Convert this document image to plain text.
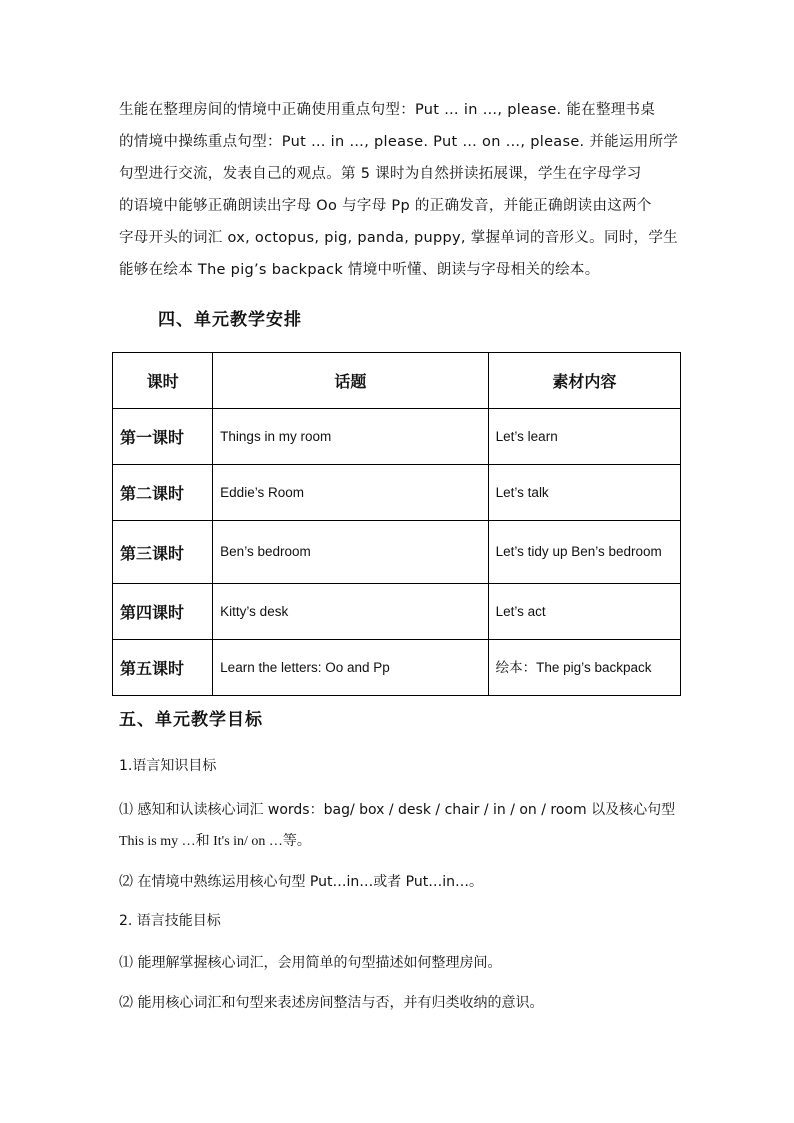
生能在整理房间的情境中正确使用重点句型：Put … in …, please. 能在整理书桌

的情境中操练重点句型：Put … in …, please. Put … on …, please. 并能运用所学

句型进行交流，发表自己的观点。第 5 课时为自然拼读拓展课，学生在字母学习

的语境中能够正确朗读出字母 Oo 与字母 Pp 的正确发音，并能正确朗读由这两个

字母开头的词汇 ox, octopus, pig, panda, puppy, 掌握单词的音形义。同时，学生

能够在绘本 The pig’s backpack 情境中听懂、朗读与字母相关的绘本。

四、单元教学安排
课时	话题	素材内容
第一课时	Things in my room	Let’s learn
第二课时	Eddie’s Room	Let’s talk
第三课时	Ben’s bedroom	Let’s tidy up Ben’s bedroom
第四课时	Kitty’s desk	Let’s act
第五课时	Learn the letters: Oo and Pp	绘本：The pig’s backpack
五、单元教学目标

1.语言知识目标

⑴ 感知和认读核心词汇 words：bag/ box / desk / chair / in / on / room 以及核心句型

This is my …和 It's in/ on …等。

⑵ 在情境中熟练运用核心句型 Put…in…或者 Put…in…。

2. 语言技能目标

⑴ 能理解掌握核心词汇，会用简单的句型描述如何整理房间。

⑵ 能用核心词汇和句型来表述房间整洁与否，并有归类收纳的意识。
